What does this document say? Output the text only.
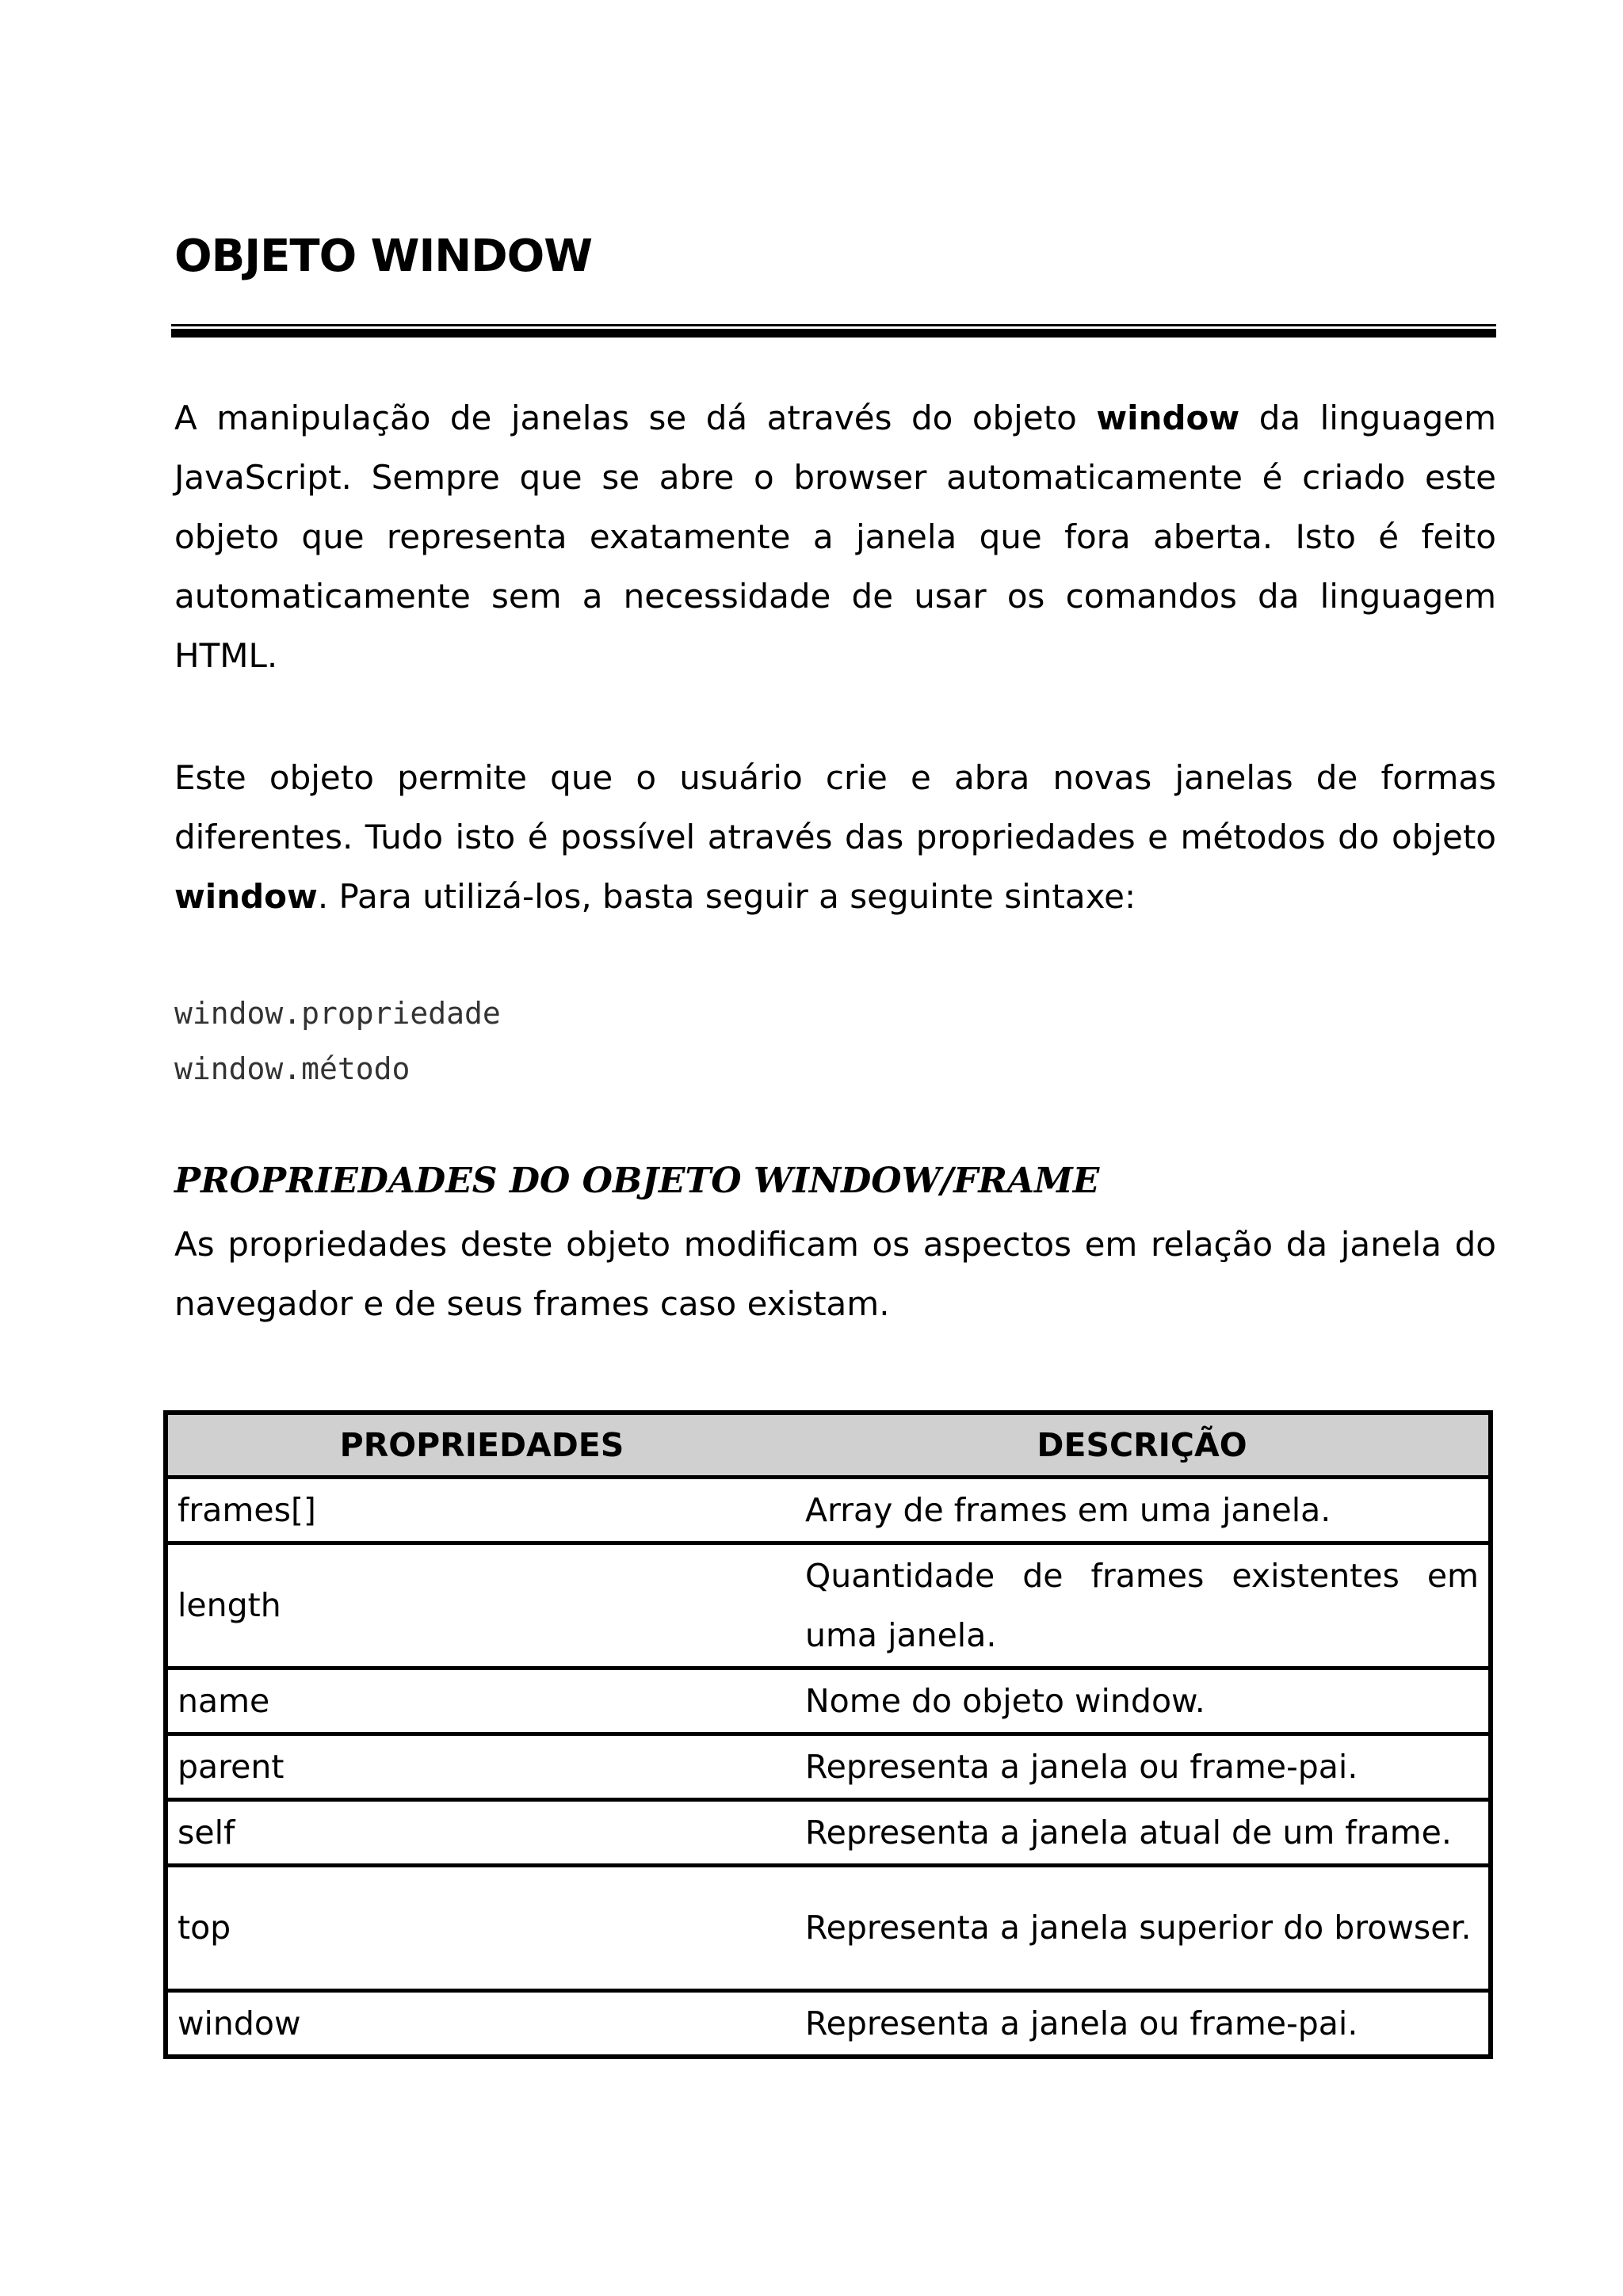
OBJETO WINDOW

A manipulação de janelas se dá através do objeto window da linguagem JavaScript. Sempre que se abre o browser automaticamente é criado este objeto que representa exatamente a janela que fora aberta. Isto é feito automaticamente sem a necessidade de usar os comandos da linguagem HTML.

Este objeto permite que o usuário crie e abra novas janelas de formas diferentes. Tudo isto é possível através das propriedades e métodos do objeto window. Para utilizá-los, basta seguir a seguinte sintaxe:

window.propriedade
window.método
PROPRIEDADES DO OBJETO WINDOW/FRAME

As propriedades deste objeto modificam os aspectos em relação da janela do navegador e de seus frames caso existam.

PROPRIEDADES	DESCRIÇÃO
frames[]	Array de frames em uma janela.
length	Quantidade de frames existentes em uma janela.
name	Nome do objeto window.
parent	Representa a janela ou frame-pai.
self	Representa a janela atual de um frame.
top	Representa a janela superior do browser.
window	Representa a janela ou frame-pai.
